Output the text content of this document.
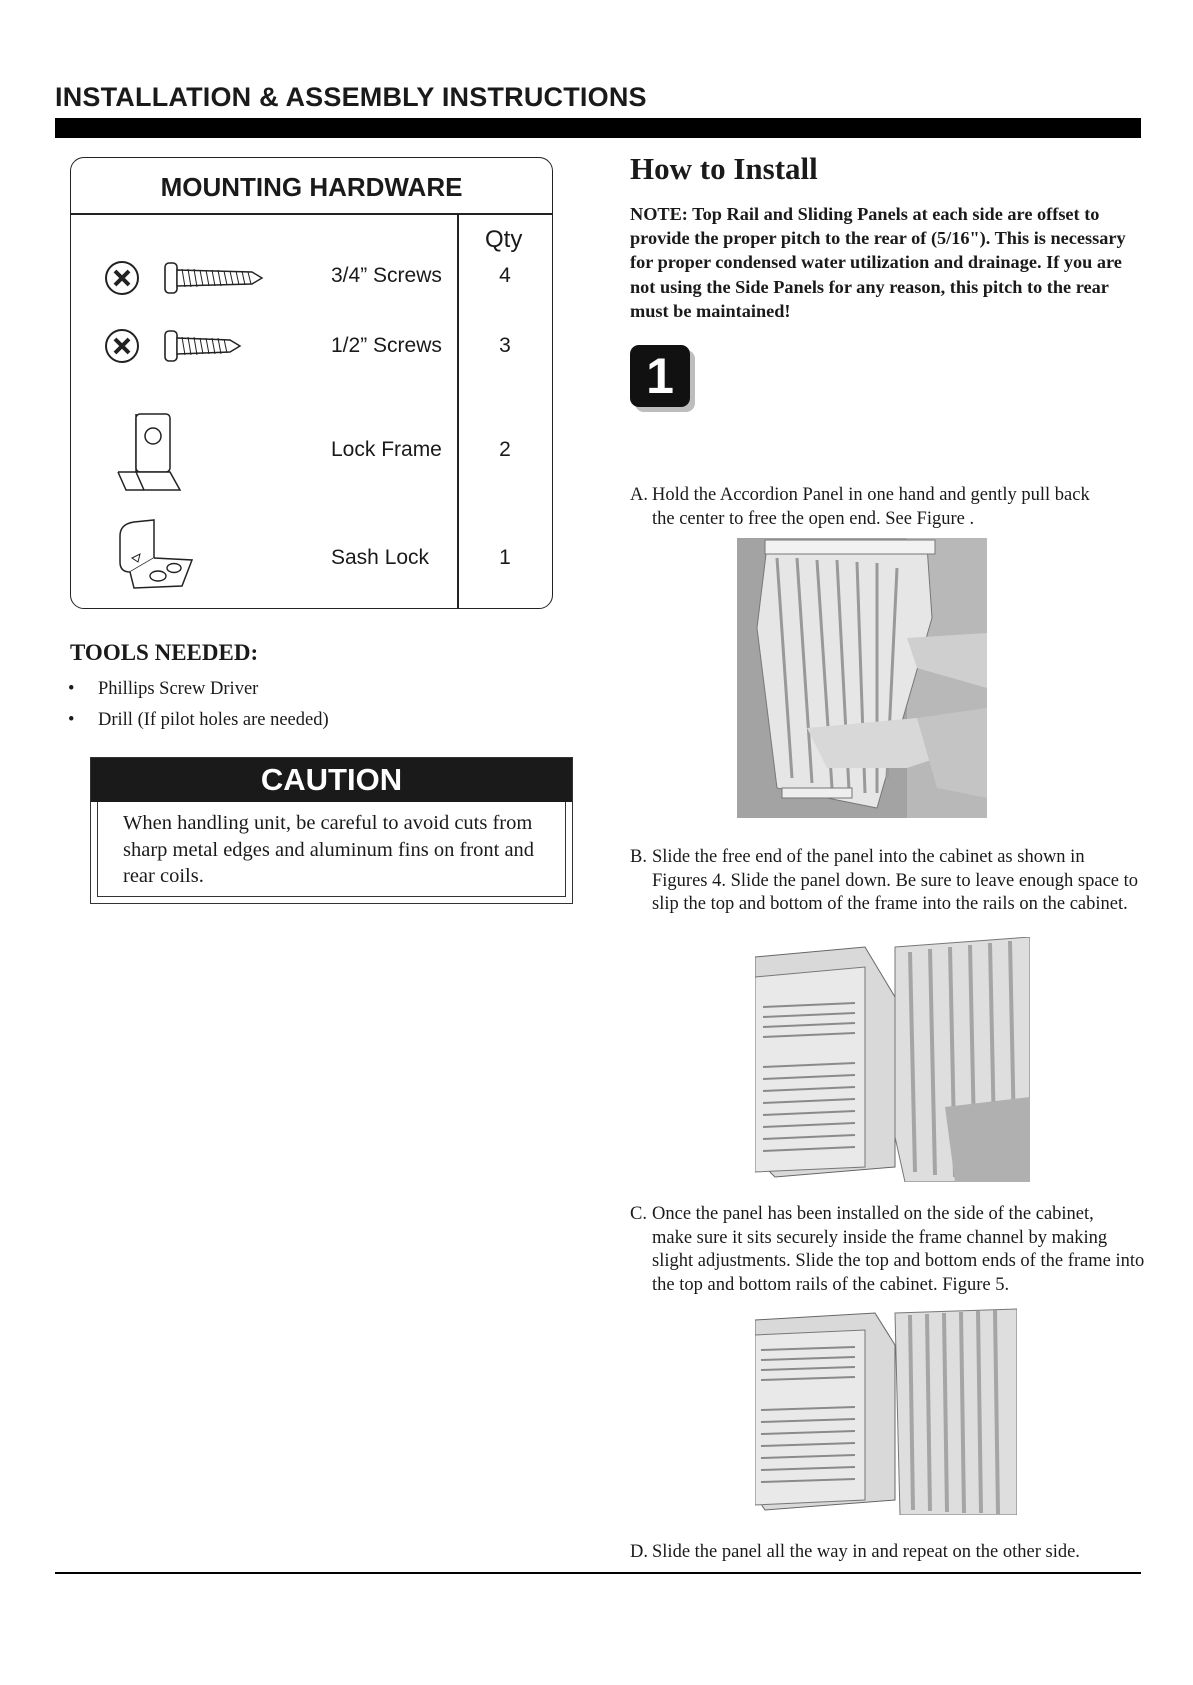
INSTALLATION & ASSEMBLY INSTRUCTIONS
MOUNTING HARDWARE
Qty
3/4” Screws	4
1/2” Screws	3
Lock Frame	2
Sash Lock	1
TOOLS NEEDED:
• Phillips Screw Driver
• Drill (If pilot holes are needed)
CAUTION
When handling unit, be careful to avoid cuts from sharp metal edges and aluminum fins on front and rear coils.
How to Install
NOTE: Top Rail and Sliding Panels at each side are offset to provide the proper pitch to the rear of (5/16"). This is necessary for proper condensed water utilization and drainage. If you are not using the Side Panels for any reason, this pitch to the rear must be maintained!
1
A. Hold the Accordion Panel in one hand and gently pull back
the center to free the open end. See Figure .
B. Slide the free end of the panel into the cabinet as shown in
Figures 4. Slide the panel down. Be sure to leave enough space to slip the top and bottom of the frame into the rails on the cabinet.
C. Once the panel has been installed on the side of the cabinet,
make sure it sits securely inside the frame channel by making slight adjustments. Slide the top and bottom ends of the frame into the top and bottom rails of the cabinet. Figure 5.
D. Slide the panel all the way in and repeat on the other side.
